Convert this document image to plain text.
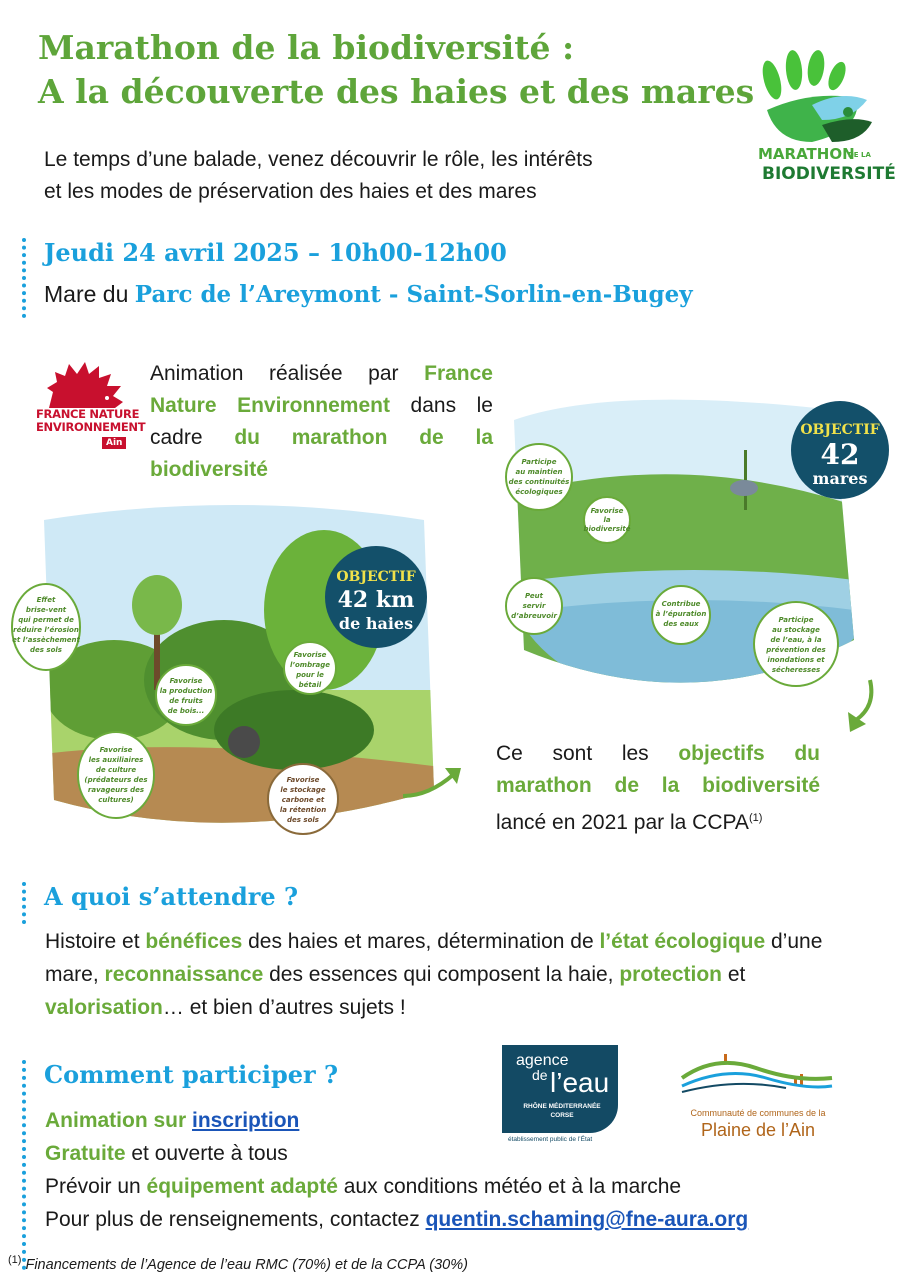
Marathon de la biodiversité :
A la découverte des haies et des mares
MARATHON
DE LA
BIODIVERSITÉ
Le temps d’une balade, venez découvrir le rôle, les intérêts
et les modes de préservation des haies et des mares
Jeudi 24 avril 2025 – 10h00-12h00
Mare du Parc de l’Areymont - Saint-Sorlin-en-Bugey
FRANCE NATURE
ENVIRONNEMENT
Ain
Animation réalisée par France Nature Environnement dans le cadre du marathon de la biodiversité
OBJECTIF
42 km
de haies
Effet
brise-vent
qui permet de
réduire l’érosion
et l’assèchement
des sols
Favorise
la production
de fruits
de bois...
Favorise
l’ombrage
pour le
bétail
Favorise
les auxiliaires
de culture
(prédateurs des
ravageurs des
cultures)
Favorise
le stockage
carbone et
la rétention
des sols
OBJECTIF
42
mares
Participe
au maintien
des continuités
écologiques
Favorise
la
biodiversité
Peut
servir
d’abreuvoir
Contribue
à l’épuration
des eaux	Participe
au stockage
de l’eau, à la
prévention des
inondations et
sécheresses
Ce sont les objectifs du marathon de la biodiversité lancé en 2021 par la CCPA$^{(1)}$
A quoi s’attendre ?
Histoire et bénéfices des haies et mares, détermination de l’état écologique d’une mare, reconnaissance des essences qui composent la haie, protection et valorisation… et bien d’autres sujets !
Comment participer ?
Animation sur inscription
Gratuite et ouverte à tous
Prévoir un équipement adapté aux conditions météo et à la marche
Pour plus de renseignements, contactez quentin.schaming@fne-aura.org
agence
de l’eau
RHÔNE MÉDITERRANÉE
CORSE
établissement public de l’État
Communauté de communes de la
Plaine de l’Ain
$^{(1)}$ Financements de l’Agence de l’eau RMC (70%) et de la CCPA (30%)
